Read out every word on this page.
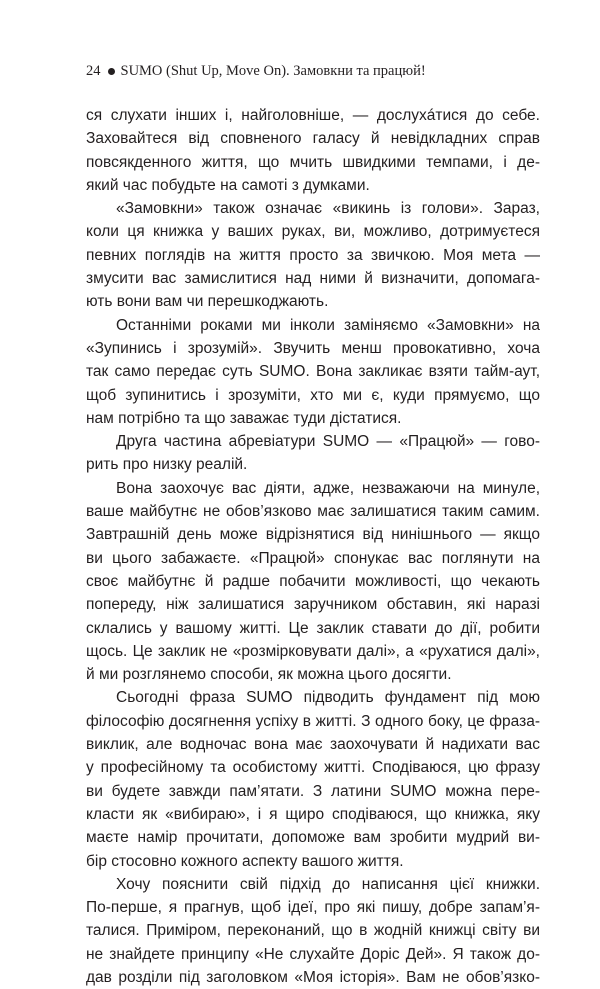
24 SUMO (Shut Up, Move On). Замовкни та працюй!
ся слухати інших і, найголовніше, — дослухáтися до себе.
Заховайтеся від сповненого галасу й невідкладних справ
повсякденного життя, що мчить швидкими темпами, і де-
який час побудьте на самоті з думками.
«Замовкни» також означає «викинь із голови». Зараз,
коли ця книжка у ваших руках, ви, можливо, дотримуєтеся
певних поглядів на життя просто за звичкою. Моя мета —
змусити вас замислитися над ними й визначити, допомага-
ють вони вам чи перешкоджають.
Останніми роками ми інколи заміняємо «Замовкни» на
«Зупинись і зрозумій». Звучить менш провокативно, хоча
так само передає суть SUMO. Вона закликає взяти тайм-аут,
щоб зупинитись і зрозуміти, хто ми є, куди прямуємо, що
нам потрібно та що заважає туди дістатися.
Друга частина абревіатури SUMO — «Працюй» — гово-
рить про низку реалій.
Вона заохочує вас діяти, адже, незважаючи на минуле,
ваше майбутнє не обов’язково має залишатися таким самим.
Завтрашній день може відрізнятися від нинішнього — якщо
ви цього забажаєте. «Працюй» спонукає вас поглянути на
своє майбутнє й радше побачити можливості, що чекають
попереду, ніж залишатися заручником обставин, які наразі
склались у вашому житті. Це заклик ставати до дії, робити
щось. Це заклик не «розмірковувати далі», а «рухатися далі»,
й ми розглянемо способи, як можна цього досягти.
Сьогодні фраза SUMO підводить фундамент під мою
філософію досягнення успіху в житті. З одного боку, це фраза-
виклик, але водночас вона має заохочувати й надихати вас
у професійному та особистому житті. Сподіваюся, цю фразу
ви будете завжди пам’ятати. З латини SUMO можна пере-
класти як «вибираю», і я щиро сподіваюся, що книжка, яку
маєте намір прочитати, допоможе вам зробити мудрий ви-
бір стосовно кожного аспекту вашого життя.
Хочу пояснити свій підхід до написання цієї книжки.
По-перше, я прагнув, щоб ідеї, про які пишу, добре запам’я-
талися. Приміром, переконаний, що в жодній книжці світу ви
не знайдете принципу «Не слухайте Доріс Дей». Я також до-
дав розділи під заголовком «Моя історія». Вам не обов’язко-
